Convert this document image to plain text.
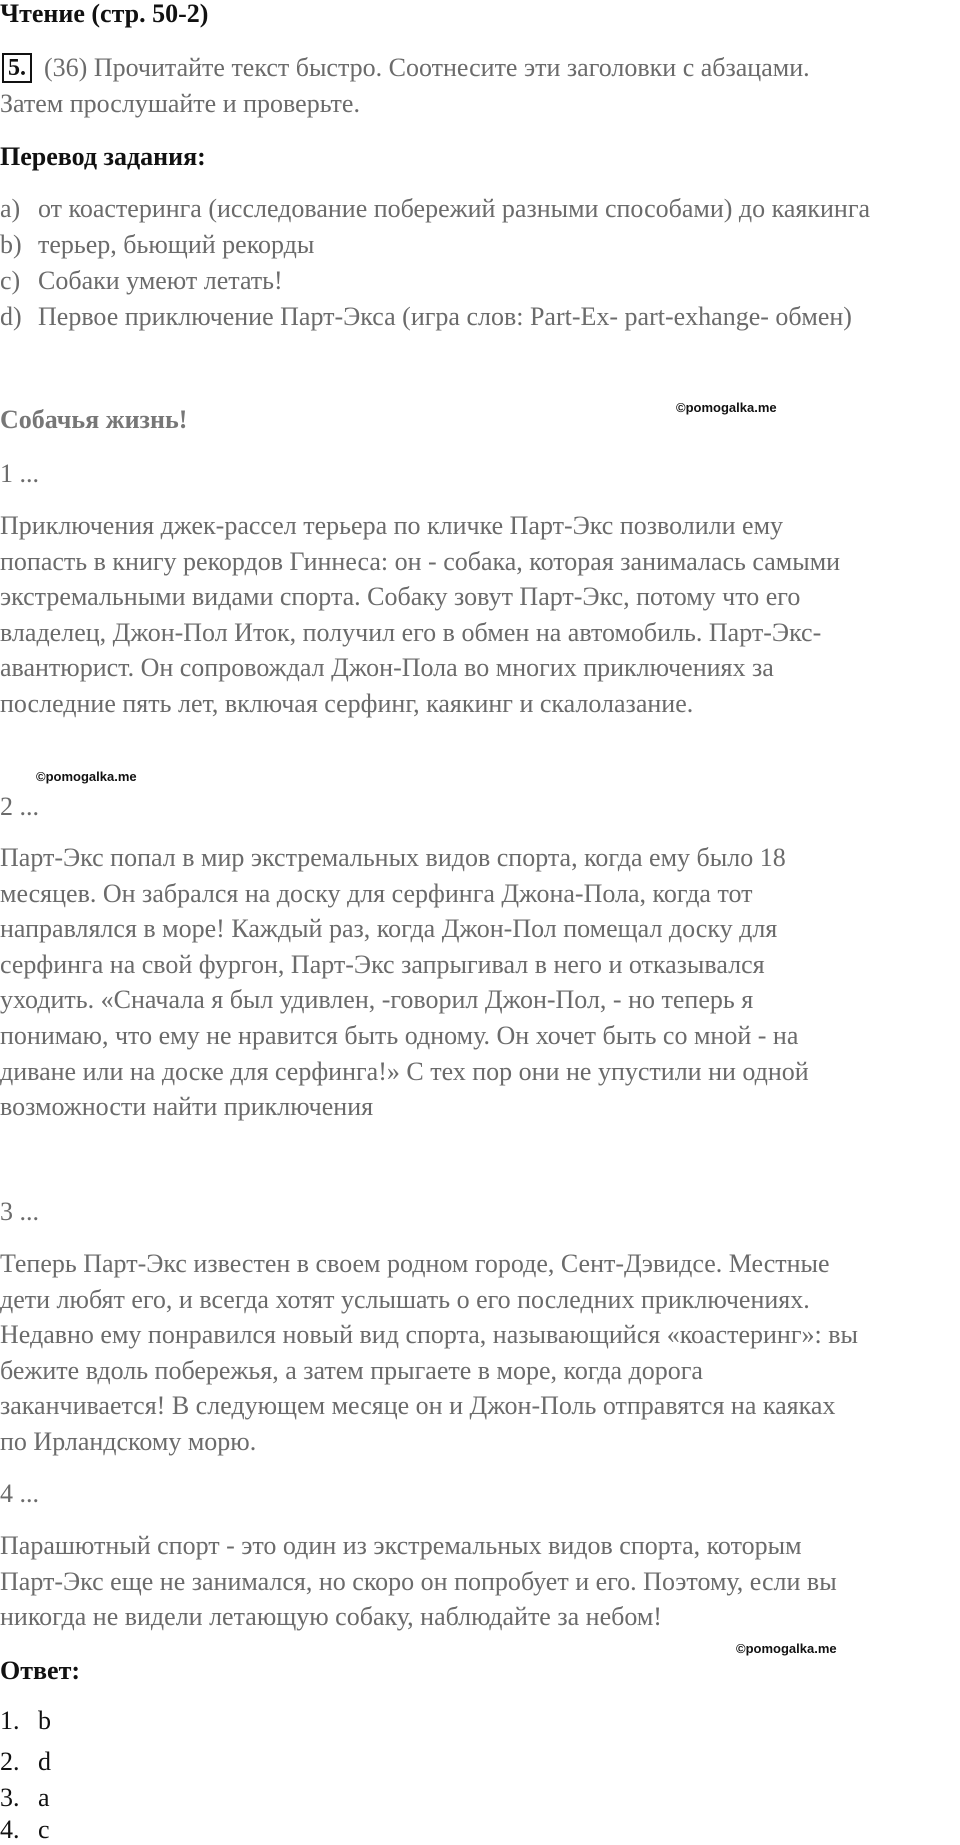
Чтение (стр. 50-2)
5. (36) Прочитайте текст быстро. Соотнесите эти заголовки с абзацами.
Затем прослушайте и проверьте.
Перевод задания:
a) от коастеринга (исследование побережий разными способами) до каякинга
b) терьер, бьющий рекорды
c) Собаки умеют летать!
d) Первое приключение Парт-Экса (игра слов: Part-Ex- part-exhange- обмен)
Собачья жизнь!	©pomogalka.me
1 ...
Приключения джек-рассел терьера по кличке Парт-Экс позволили ему
попасть в книгу рекордов Гиннеса: он - собака, которая занималась самыми
экстремальными видами спорта. Собаку зовут Парт-Экс, потому что его
владелец, Джон-Пол Иток, получил его в обмен на автомобиль. Парт-Экс-
авантюрист. Он сопровождал Джон-Пола во многих приключениях за
последние пять лет, включая серфинг, каякинг и скалолазание.
©pomogalka.me
2 ...
Парт-Экс попал в мир экстремальных видов спорта, когда ему было 18
месяцев. Он забрался на доску для серфинга Джона-Пола, когда тот
направлялся в море! Каждый раз, когда Джон-Пол помещал доску для
серфинга на свой фургон, Парт-Экс запрыгивал в него и отказывался
уходить. «Сначала я был удивлен, -говорил Джон-Пол, - но теперь я
понимаю, что ему не нравится быть одному. Он хочет быть со мной - на
диване или на доске для серфинга!» С тех пор они не упустили ни одной
возможности найти приключения
3 ...
Теперь Парт-Экс известен в своем родном городе, Сент-Дэвидсе. Местные
дети любят его, и всегда хотят услышать о его последних приключениях.
Недавно ему понравился новый вид спорта, называющийся «коастеринг»: вы
бежите вдоль побережья, а затем прыгаете в море, когда дорога
заканчивается! В следующем месяце он и Джон-Поль отправятся на каяках
по Ирландскому морю.
4 ...
Парашютный спорт - это один из экстремальных видов спорта, которым
Парт-Экс еще не занимался, но скоро он попробует и его. Поэтому, если вы
никогда не видели летающую собаку, наблюдайте за небом!
Ответ:
©pomogalka.me
1. b
2. d
3. a
4. c
